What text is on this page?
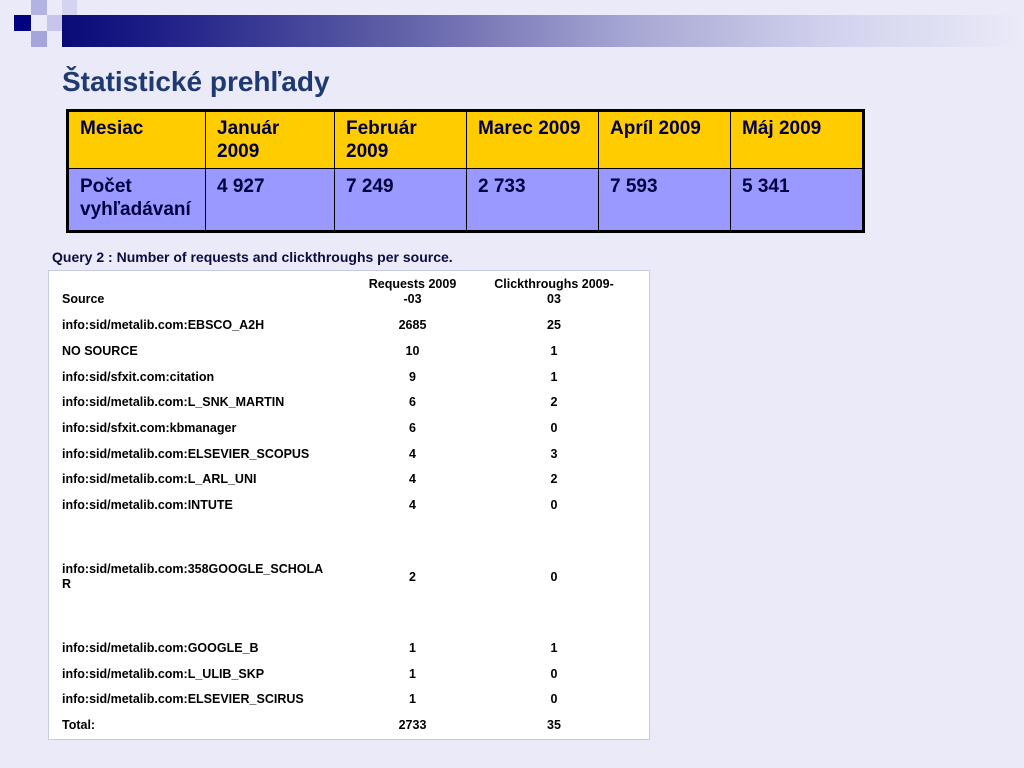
Štatistické prehľady
Mesiac	Január 2009	Február 2009	Marec 2009	Apríl 2009	Máj 2009
Počet vyhľadávaní	4 927	7 249	2 733	7 593	5 341
Query 2 : Number of requests and clickthroughs per source.
Source	Requests 2009-03	Clickthroughs 2009-03

info:sid/metalib.com:EBSCO_A2H	2685	25

NO SOURCE	10	1

info:sid/sfxit.com:citation	9	1

info:sid/metalib.com:L_SNK_MARTIN	6	2

info:sid/sfxit.com:kbmanager	6	0

info:sid/metalib.com:ELSEVIER_SCOPUS	4	3

info:sid/metalib.com:L_ARL_UNI	4	2

info:sid/metalib.com:INTUTE	4	0

info:sid/metalib.com:358GOOGLE_SCHOLAR	2	0

info:sid/metalib.com:GOOGLE_B	1	1

info:sid/metalib.com:L_ULIB_SKP	1	0

info:sid/metalib.com:ELSEVIER_SCIRUS	1	0

Total:	2733	35
